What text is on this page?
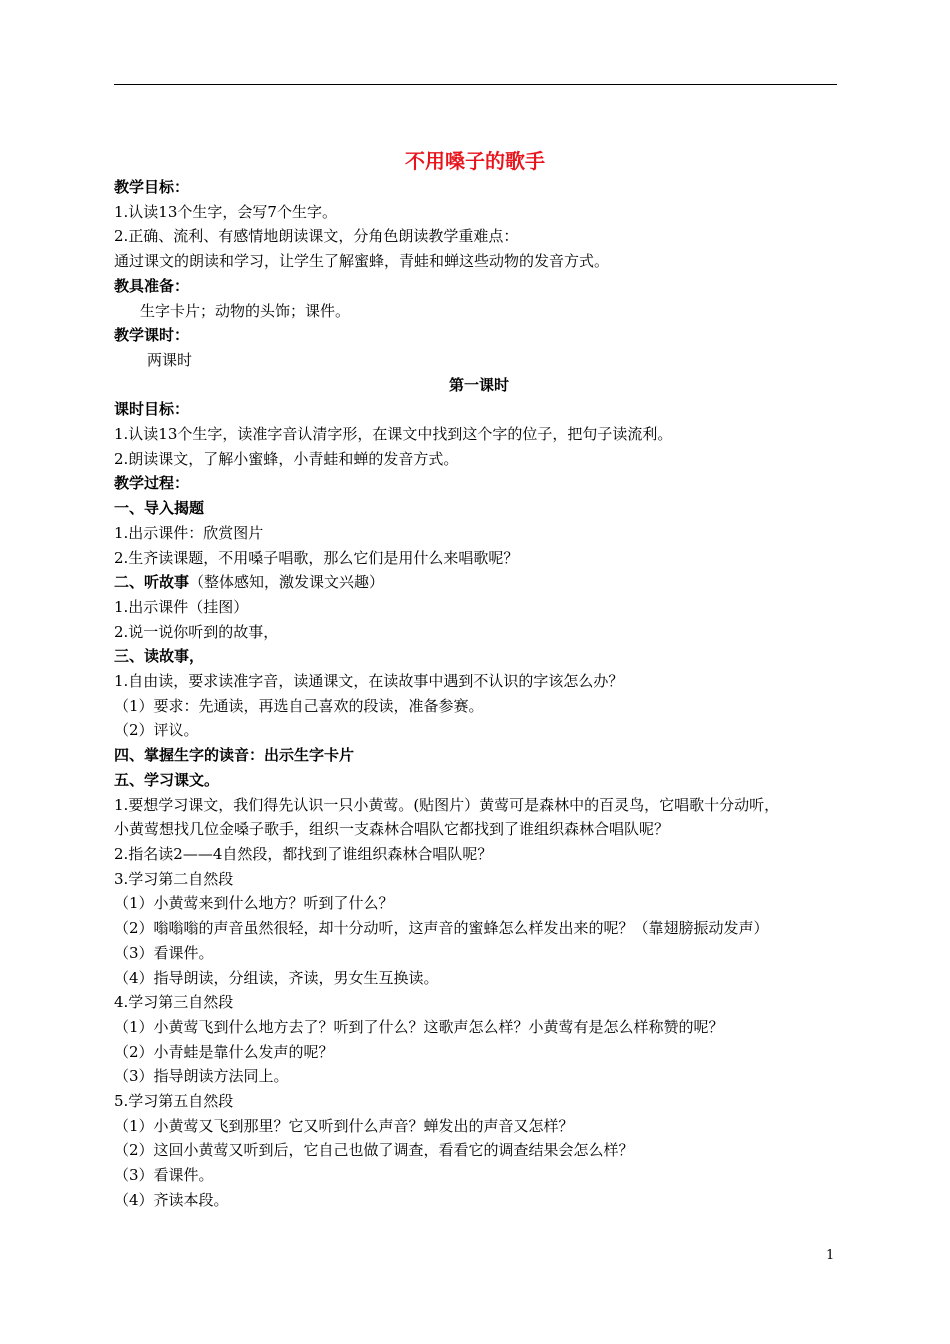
不用嗓子的歌手
教学目标：
1.认读13个生字，会写7个生字。
2.正确、流利、有感情地朗读课文，分角色朗读教学重难点：
通过课文的朗读和学习，让学生了解蜜蜂，青蛙和蝉这些动物的发音方式。
教具准备：
生字卡片；动物的头饰；课件。
教学课时：
两课时
第一课时
课时目标：
1.认读13个生字，读准字音认清字形，在课文中找到这个字的位子，把句子读流利。
2.朗读课文，了解小蜜蜂，小青蛙和蝉的发音方式。
教学过程：
一、导入揭题
1.出示课件：欣赏图片
2.生齐读课题，不用嗓子唱歌，那么它们是用什么来唱歌呢？
二、听故事（整体感知，激发课文兴趣）
1.出示课件（挂图）
2.说一说你听到的故事，
三、读故事，
1.自由读，要求读准字音，读通课文，在读故事中遇到不认识的字该怎么办？
（1）要求：先通读，再选自己喜欢的段读，准备参赛。
（2）评议。
四、掌握生字的读音：出示生字卡片
五、学习课文。
1.要想学习课文，我们得先认识一只小黄莺。(贴图片）黄莺可是森林中的百灵鸟，它唱歌十分动听，
小黄莺想找几位金嗓子歌手，组织一支森林合唱队它都找到了谁组织森林合唱队呢？
2.指名读2——4自然段，都找到了谁组织森林合唱队呢？
3.学习第二自然段
（1）小黄莺来到什么地方？听到了什么？
（2）嗡嗡嗡的声音虽然很轻，却十分动听，这声音的蜜蜂怎么样发出来的呢？（靠翅膀振动发声）
（3）看课件。
（4）指导朗读，分组读，齐读，男女生互换读。
4.学习第三自然段
（1）小黄莺飞到什么地方去了？听到了什么？这歌声怎么样？小黄莺有是怎么样称赞的呢？
（2）小青蛙是靠什么发声的呢？
（3）指导朗读方法同上。
5.学习第五自然段
（1）小黄莺又飞到那里？它又听到什么声音？蝉发出的声音又怎样？
（2）这回小黄莺又听到后，它自己也做了调查，看看它的调查结果会怎么样？
（3）看课件。
（4）齐读本段。
1
